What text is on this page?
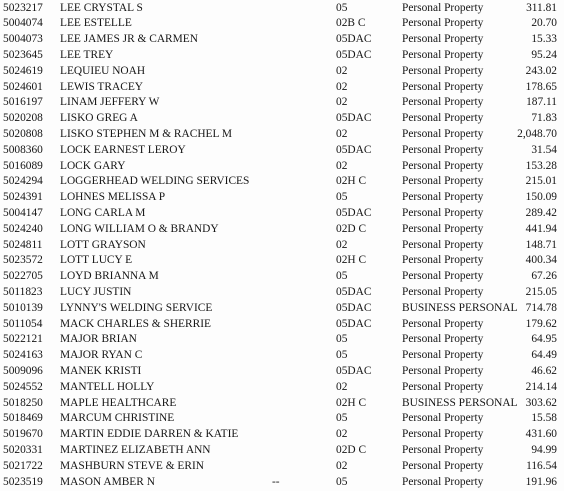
5023217 LEE CRYSTAL S	05	Personal Property	311.81
5004074 LEE ESTELLE	02B C	Personal Property	20.70
5004073 LEE JAMES JR & CARMEN	05DAC	Personal Property	15.33
5023645 LEE TREY	05DAC	Personal Property	95.24
5024619 LEQUIEU NOAH	02	Personal Property	243.02
5024601 LEWIS TRACEY	02	Personal Property	178.65
5016197 LINAM JEFFERY W	02	Personal Property	187.11
5020208 LISKO GREG A	05DAC	Personal Property	71.83
5020808 LISKO STEPHEN M & RACHEL M	02	Personal Property	2,048.70
5008360 LOCK EARNEST LEROY	05DAC	Personal Property	31.54
5016089 LOCK GARY	02	Personal Property	153.28
5024294 LOGGERHEAD WELDING SERVICES	02H C	Personal Property	215.01
5024391 LOHNES MELISSA P	05	Personal Property	150.09
5004147 LONG CARLA M	05DAC	Personal Property	289.42
5024240 LONG WILLIAM O & BRANDY	02D C	Personal Property	441.94
5024811 LOTT GRAYSON	02	Personal Property	148.71
5023572 LOTT LUCY E	02H C	Personal Property	400.34
5022705 LOYD BRIANNA M	05	Personal Property	67.26
5011823 LUCY JUSTIN	05DAC	Personal Property	215.05
5010139 LYNNY'S WELDING SERVICE	05DAC	BUSINESS PERSONAL 714.78
5011054 MACK CHARLES & SHERRIE	05DAC	Personal Property	179.62
5022121 MAJOR BRIAN	05	Personal Property	64.95
5024163 MAJOR RYAN C	05	Personal Property	64.49
5009096 MANEK KRISTI	05DAC	Personal Property	46.62
5024552 MANTELL HOLLY	02	Personal Property	214.14
5018250 MAPLE HEALTHCARE	02H C	BUSINESS PERSONAL 303.62
5018469 MARCUM CHRISTINE	05	Personal Property	15.58
5019670 MARTIN EDDIE DARREN & KATIE	02	Personal Property	431.60
5020331 MARTINEZ ELIZABETH ANN	02D C	Personal Property	94.99
5021722 MASHBURN STEVE & ERIN	02	Personal Property	116.54
5023519 MASON AMBER N	--	05	Personal Property	191.96
